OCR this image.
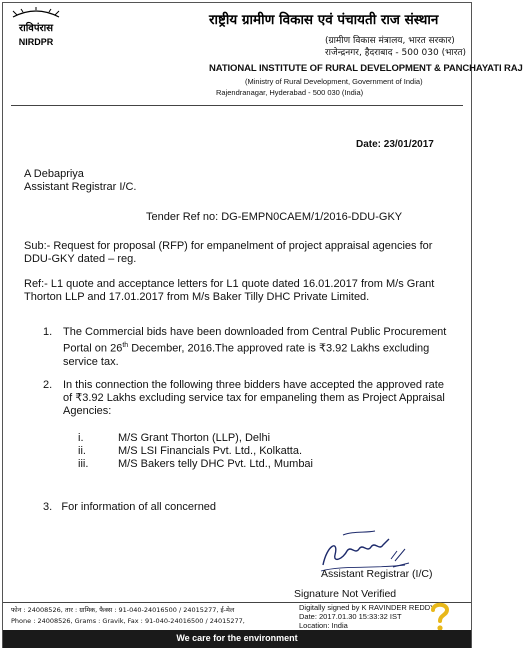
राविपंरास
NIRDPR
राष्ट्रीय ग्रामीण विकास एवं पंचायती राज संस्थान
(ग्रामीण विकास मंत्रालय, भारत सरकार)
राजेन्द्रनगर, हैदराबाद - 500 030 (भारत)
NATIONAL INSTITUTE OF RURAL DEVELOPMENT & PANCHAYATI RAJ
(Ministry of Rural Development, Government of India)
Rajendranagar, Hyderabad - 500 030 (India)
Date: 23/01/2017

A Debapriya

Assistant Registrar I/C.

Tender Ref no: DG-EMPN0CAEM/1/2016-DDU-GKY

Sub:- Request for proposal (RFP) for empanelment of project appraisal agencies for DDU-GKY dated – reg.

Ref:- L1 quote and acceptance letters for L1 quote dated 16.01.2017 from M/s Grant Thorton LLP and 17.01.2017 from M/s Baker Tilly DHC Private Limited.

1. The Commercial bids have been downloaded from Central Public Procurement Portal on 26th December, 2016.The approved rate is ₹3.92 Lakhs excluding service tax.
2. In this connection the following three bidders have accepted the approved rate of ₹3.92 Lakhs excluding service tax for empaneling them as Project Appraisal Agencies:
i.	M/S Grant Thorton (LLP), Delhi
ii.	M/S LSI Financials Pvt. Ltd., Kolkatta.
iii.	M/S Bakers telly DHC Pvt. Ltd., Mumbai
3. For information of all concerned
Assistant Registrar (I/C)
Signature Not Verified
फोन : 24008526, तार : ग्रामिक, फैक्स : 91-040-24016500 / 24015277, ई-मेल
Phone : 24008526, Grams : Gravik, Fax : 91-040-24016500 / 24015277,
Digitally signed by K RAVINDER REDDY
Date: 2017.01.30 15:33:32 IST
Location: India
We care for the environment
